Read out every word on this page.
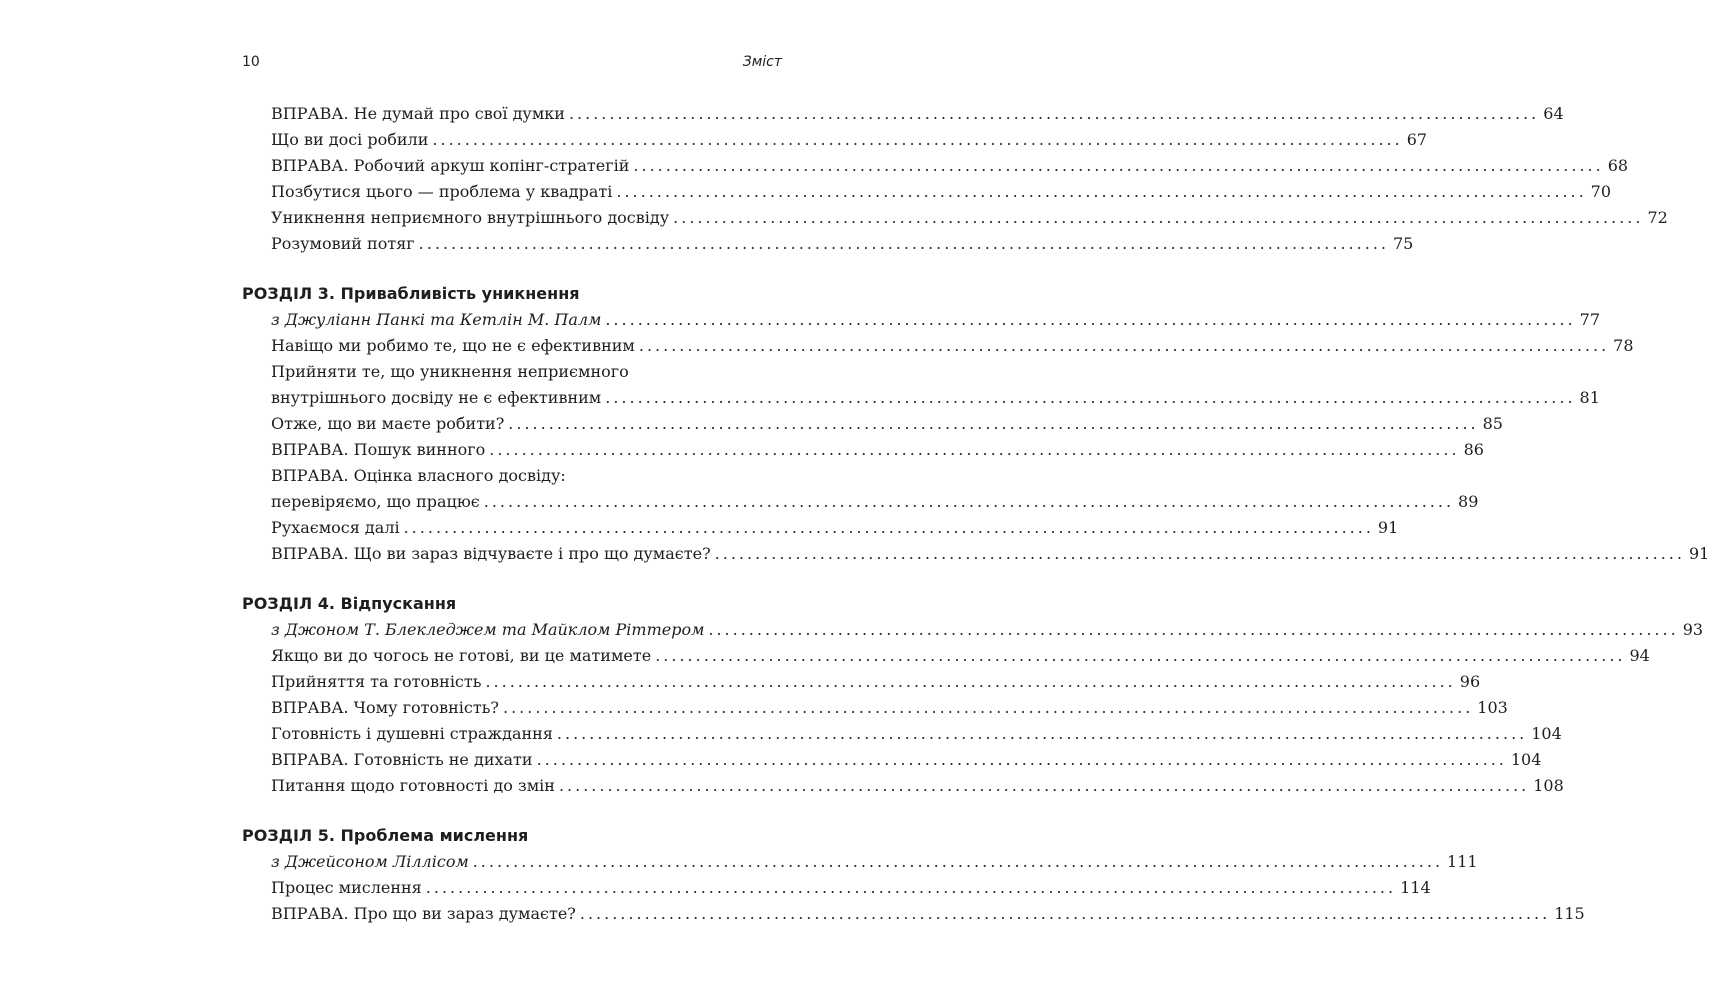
10	Зміст
ВПРАВА. Не думай про свої думки ........................................................................................................................ 64
Що ви досі робили ........................................................................................................................ 67
ВПРАВА. Робочий аркуш копінг-стратегій ........................................................................................................................ 68
Позбутися цього — проблема у квадраті ........................................................................................................................ 70
Уникнення неприємного внутрішнього досвіду ........................................................................................................................ 72
Розумовий потяг ........................................................................................................................ 75
РОЗДІЛ 3. Привабливість уникнення
з Джуліанн Панкі та Кетлін М. Палм ........................................................................................................................ 77
Навіщо ми робимо те, що не є ефективним ........................................................................................................................ 78
Прийняти те, що уникнення неприємного
внутрішнього досвіду не є ефективним ........................................................................................................................ 81
Отже, що ви маєте робити? ........................................................................................................................ 85
ВПРАВА. Пошук винного ........................................................................................................................ 86
ВПРАВА. Оцінка власного досвіду:
перевіряємо, що працює ........................................................................................................................ 89
Рухаємося далі ........................................................................................................................ 91
ВПРАВА. Що ви зараз відчуваєте і про що думаєте? ........................................................................................................................ 91
РОЗДІЛ 4. Відпускання
з Джоном Т. Блекледжем та Майклом Ріттером ........................................................................................................................ 93
Якщо ви до чогось не готові, ви це матимете ........................................................................................................................ 94
Прийняття та готовність ........................................................................................................................ 96
ВПРАВА. Чому готовність? ........................................................................................................................ 103
Готовність і душевні страждання ........................................................................................................................ 104
ВПРАВА. Готовність не дихати ........................................................................................................................ 104
Питання щодо готовності до змін ........................................................................................................................ 108
РОЗДІЛ 5. Проблема мислення
з Джейсоном Ліллісом ........................................................................................................................ 111
Процес мислення ........................................................................................................................ 114
ВПРАВА. Про що ви зараз думаєте? ........................................................................................................................ 115
